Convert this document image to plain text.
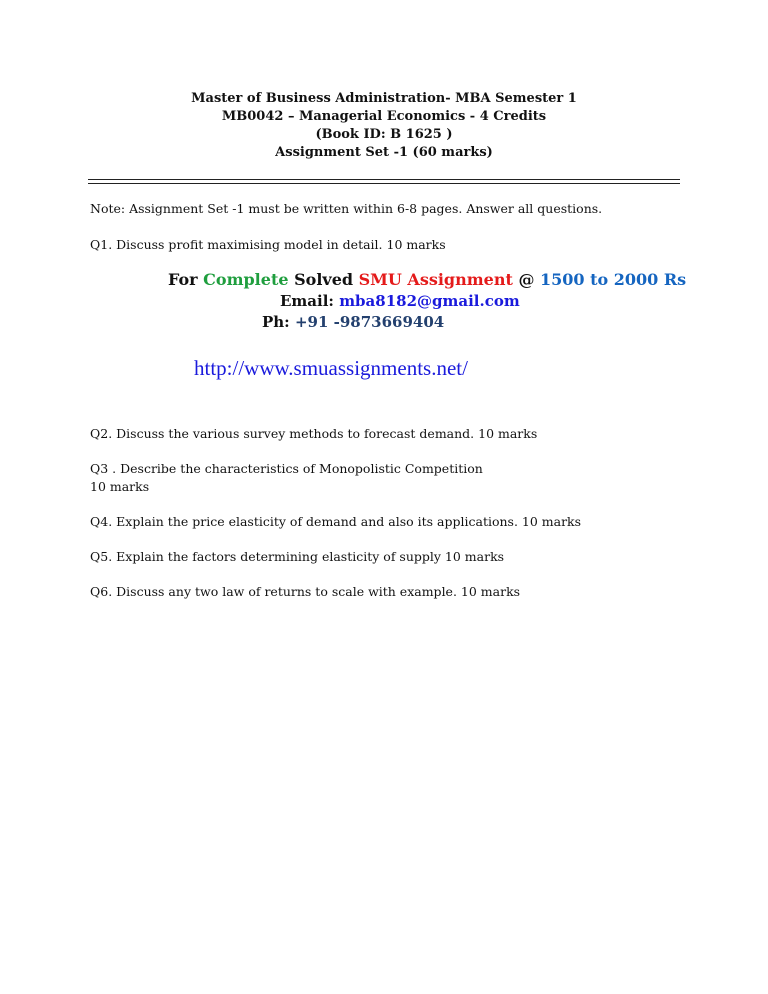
Master of Business Administration- MBA Semester 1
MB0042 – Managerial Economics - 4 Credits
(Book ID: B 1625 )
Assignment Set -1 (60 marks)
Note: Assignment Set -1 must be written within 6-8 pages. Answer all questions.
Q1. Discuss profit maximising model in detail. 10 marks
For Complete Solved SMU Assignment @ 1500 to 2000 Rs
Email: mba8182@gmail.com
Ph: +91 -9873669404
http://www.smuassignments.net/
Q2. Discuss the various survey methods to forecast demand. 10 marks
Q3 . Describe the characteristics of Monopolistic Competition
10 marks
Q4. Explain the price elasticity of demand and also its applications. 10 marks
Q5. Explain the factors determining elasticity of supply 10 marks
Q6. Discuss any two law of returns to scale with example. 10 marks
